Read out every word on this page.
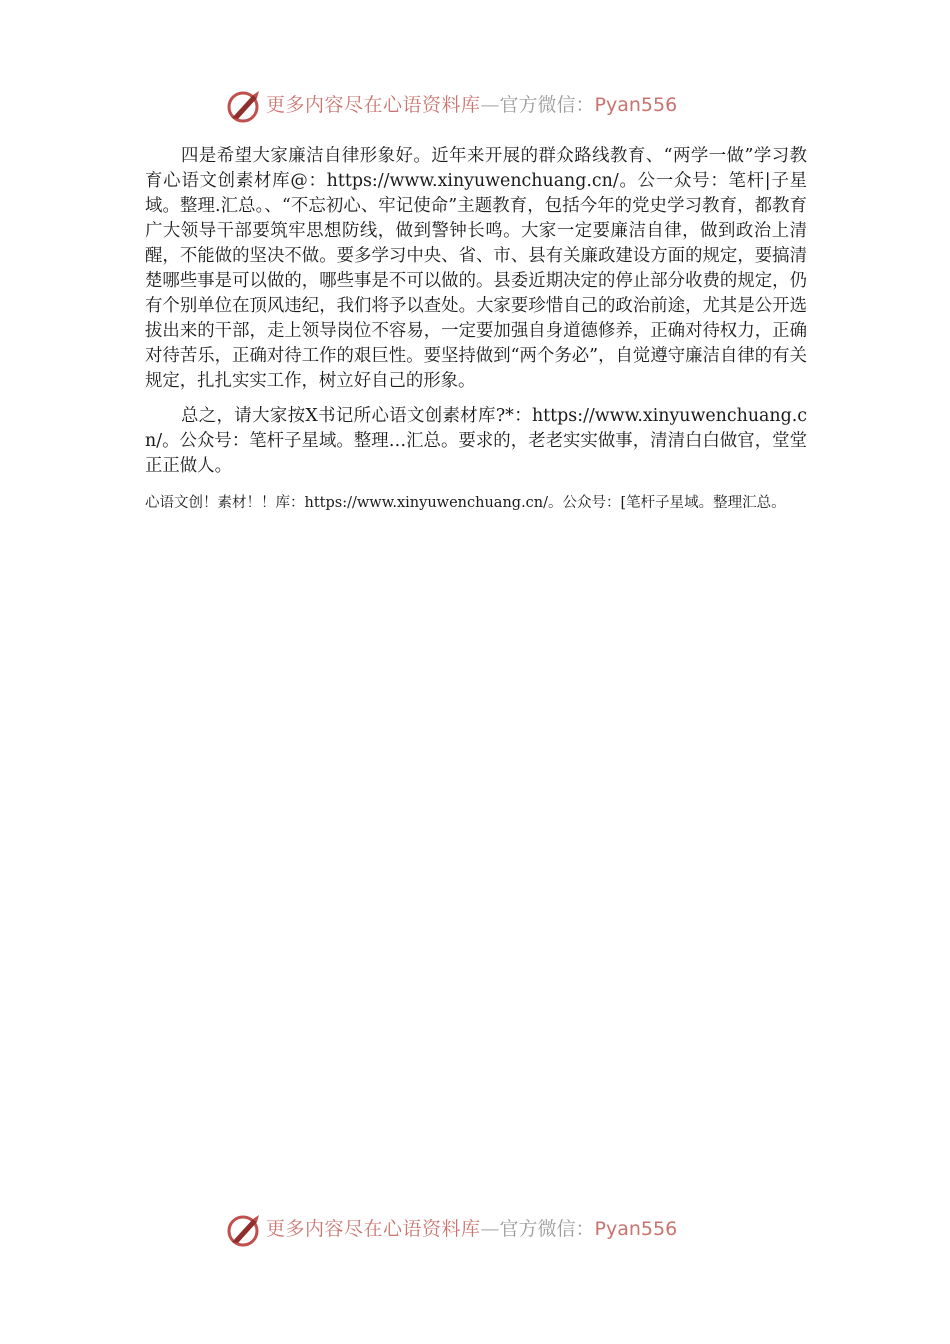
更多内容尽在心语资料库—官方微信：Pyan556

四是希望大家廉洁自律形象好。近年来开展的群众路线教育、“两学一做”学习教育心语文创素材库@：https://www.xinyuwenchuang.cn/。公一众号：笔杆|子星域。整理.汇总。、“不忘初心、牢记使命”主题教育，包括今年的党史学习教育，都教育广大领导干部要筑牢思想防线，做到警钟长鸣。大家一定要廉洁自律，做到政治上清醒，不能做的坚决不做。要多学习中央、省、市、县有关廉政建设方面的规定，要搞清楚哪些事是可以做的，哪些事是不可以做的。县委近期决定的停止部分收费的规定，仍有个别单位在顶风违纪，我们将予以查处。大家要珍惜自己的政治前途，尤其是公开选拔出来的干部，走上领导岗位不容易，一定要加强自身道德修养，正确对待权力，正确对待苦乐，正确对待工作的艰巨性。要坚持做到“两个务必”，自觉遵守廉洁自律的有关规定，扎扎实实工作，树立好自己的形象。

总之，请大家按X书记所心语文创素材库?*：https://www.xinyuwenchuang.cn/。公众号：笔杆子星域。整理…汇总。要求的，老老实实做事，清清白白做官，堂堂正正做人。

心语文创！素材！！库：https://www.xinyuwenchuang.cn/。公众号：[笔杆子星域。整理汇总。

更多内容尽在心语资料库—官方微信：Pyan556
